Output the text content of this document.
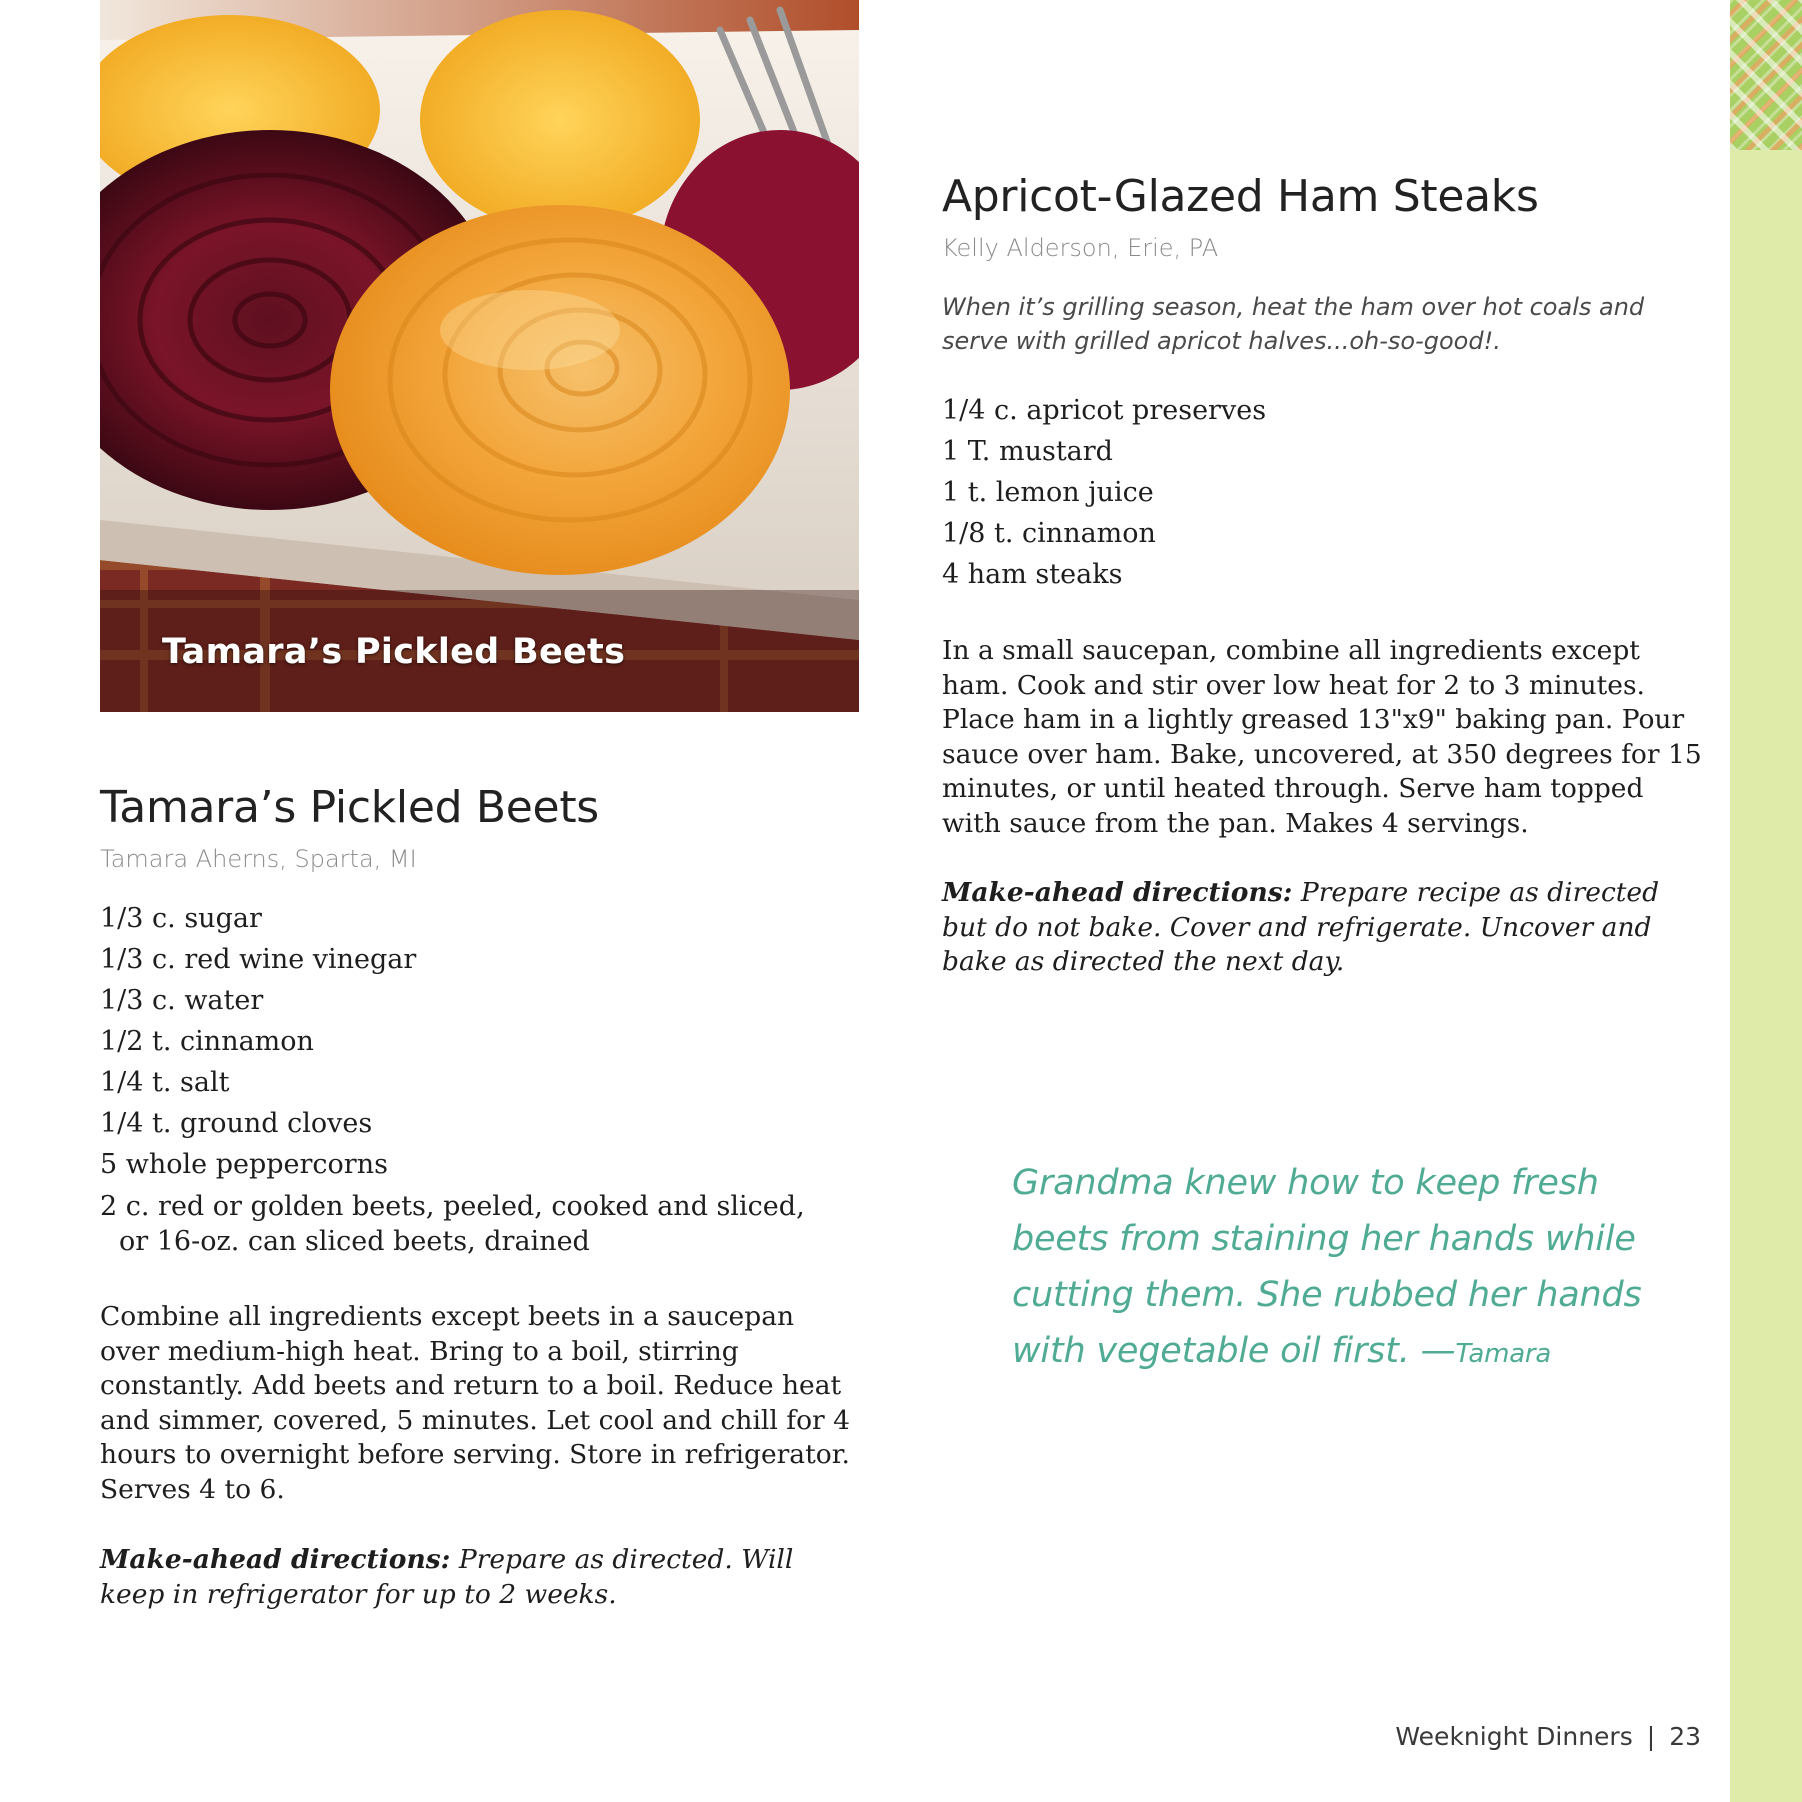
Tamara’s Pickled Beets
Tamara’s Pickled Beets
Tamara Aherns, Sparta, MI
1/3 c. sugar
1/3 c. red wine vinegar
1/3 c. water
1/2 t. cinnamon
1/4 t. salt
1/4 t. ground cloves
5 whole peppercorns
2 c. red or golden beets, peeled, cooked and sliced, or 16-oz. can sliced beets, drained

Combine all ingredients except beets in a saucepan over medium-high heat. Bring to a boil, stirring constantly. Add beets and return to a boil. Reduce heat and simmer, covered, 5 minutes. Let cool and chill for 4 hours to overnight before serving. Store in refrigerator. Serves 4 to 6.

Make-ahead directions: Prepare as directed. Will keep in refrigerator for up to 2 weeks.

Apricot-Glazed Ham Steaks
Kelly Alderson, Erie, PA
When it’s grilling season, heat the ham over hot coals and serve with grilled apricot halves...oh-so-good!.
1/4 c. apricot preserves
1 T. mustard
1 t. lemon juice
1/8 t. cinnamon
4 ham steaks

In a small saucepan, combine all ingredients except ham. Cook and stir over low heat for 2 to 3 minutes. Place ham in a lightly greased 13"x9" baking pan. Pour sauce over ham. Bake, uncovered, at 350 degrees for 15 minutes, or until heated through. Serve ham topped with sauce from the pan. Makes 4 servings.

Make-ahead directions: Prepare recipe as directed but do not bake. Cover and refrigerate. Uncover and bake as directed the next day.

Grandma knew how to keep fresh beets from staining her hands while cutting them. She rubbed her hands with vegetable oil first. —Tamara
Weeknight Dinners | 23
